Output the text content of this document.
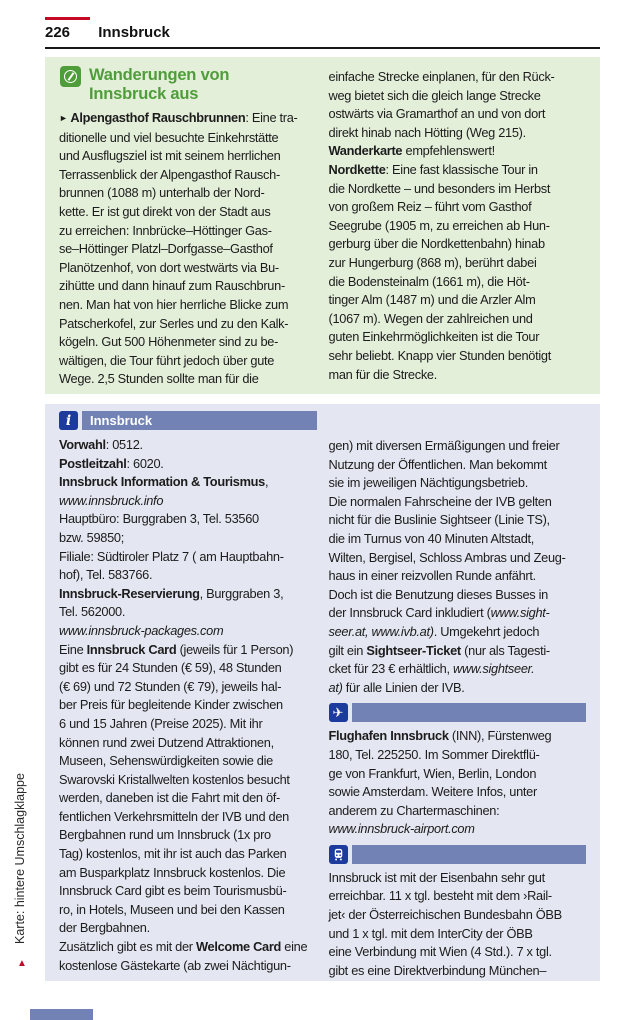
226 Innsbruck
Wanderungen von
Innsbruck aus
► Alpengasthof Rauschbrunnen: Eine tra-
ditionelle und viel besuchte Einkehrstätte
und Ausflugsziel ist mit seinem herrlichen
Terrassenblick der Alpengasthof Rausch-
brunnen (1088 m) unterhalb der Nord-
kette. Er ist gut direkt von der Stadt aus
zu erreichen: Innbrücke–Höttinger Gas-
se–Höttinger Platzl–Dorfgasse–Gasthof
Planötzenhof, von dort westwärts via Bu-
zihütte und dann hinauf zum Rauschbrun-
nen. Man hat von hier herrliche Blicke zum
Patscherkofel, zur Serles und zu den Kalk-
kögeln. Gut 500 Höhenmeter sind zu be-
wältigen, die Tour führt jedoch über gute
Wege. 2,5 Stunden sollte man für die
einfache Strecke einplanen, für den Rück-
weg bietet sich die gleich lange Strecke
ostwärts via Gramarthof an und von dort
direkt hinab nach Hötting (Weg 215).
Wanderkarte empfehlenswert!
Nordkette: Eine fast klassische Tour in
die Nordkette – und besonders im Herbst
von großem Reiz – führt vom Gasthof
Seegrube (1905 m, zu erreichen ab Hun-
gerburg über die Nordkettenbahn) hinab
zur Hungerburg (868 m), berührt dabei
die Bodensteinalm (1661 m), die Höt-
tinger Alm (1487 m) und die Arzler Alm
(1067 m). Wegen der zahlreichen und
guten Einkehrmöglichkeiten ist die Tour
sehr beliebt. Knapp vier Stunden benötigt
man für die Strecke.
i	Innsbruck
Vorwahl: 0512.
Postleitzahl: 6020.
Innsbruck Information & Tourismus,
www.innsbruck.info
Hauptbüro: Burggraben 3, Tel. 53560
bzw. 59850;
Filiale: Südtiroler Platz 7 ( am Hauptbahn-
hof), Tel. 583766.
Innsbruck-Reservierung, Burggraben 3,
Tel. 562000.
www.innsbruck-packages.com
Eine Innsbruck Card (jeweils für 1 Person)
gibt es für 24 Stunden (€ 59), 48 Stunden
(€ 69) und 72 Stunden (€ 79), jeweils hal-
ber Preis für begleitende Kinder zwischen
6 und 15 Jahren (Preise 2025). Mit ihr
können rund zwei Dutzend Attraktionen,
Museen, Sehenswürdigkeiten sowie die
Swarovski Kristallwelten kostenlos besucht
werden, daneben ist die Fahrt mit den öf-
fentlichen Verkehrsmitteln der IVB und den
Bergbahnen rund um Innsbruck (1x pro
Tag) kostenlos, mit ihr ist auch das Parken
am Busparkplatz Innsbruck kostenlos. Die
Innsbruck Card gibt es beim Tourismusbü-
ro, in Hotels, Museen und bei den Kassen
der Bergbahnen.
Zusätzlich gibt es mit der Welcome Card eine
kostenlose Gästekarte (ab zwei Nächtigun-
gen) mit diversen Ermäßigungen und freier
Nutzung der Öffentlichen. Man bekommt
sie im jeweiligen Nächtigungsbetrieb.
Die normalen Fahrscheine der IVB gelten
nicht für die Buslinie Sightseer (Linie TS),
die im Turnus von 40 Minuten Altstadt,
Wilten, Bergisel, Schloss Ambras und Zeug-
haus in einer reizvollen Runde anfährt.
Doch ist die Benutzung dieses Busses in
der Innsbruck Card inkludiert (www.sight-
seer.at, www.ivb.at). Umgekehrt jedoch
gilt ein Sightseer-Ticket (nur als Tagesti-
cket für 23 € erhältlich, www.sightseer.
at) für alle Linien der IVB.
✈
Flughafen Innsbruck (INN), Fürstenweg
180, Tel. 225250. Im Sommer Direktflü-
ge von Frankfurt, Wien, Berlin, London
sowie Amsterdam. Weitere Infos, unter
anderem zu Chartermaschinen:
www.innsbruck-airport.com
Innsbruck ist mit der Eisenbahn sehr gut
erreichbar. 11 x tgl. besteht mit dem ›Rail-
jet‹ der Österreichischen Bundesbahn ÖBB
und 1 x tgl. mit dem InterCity der ÖBB
eine Verbindung mit Wien (4 Std.). 7 x tgl.
gibt es eine Direktverbindung München–
Karte: hintere Umschlagklappe
▲
